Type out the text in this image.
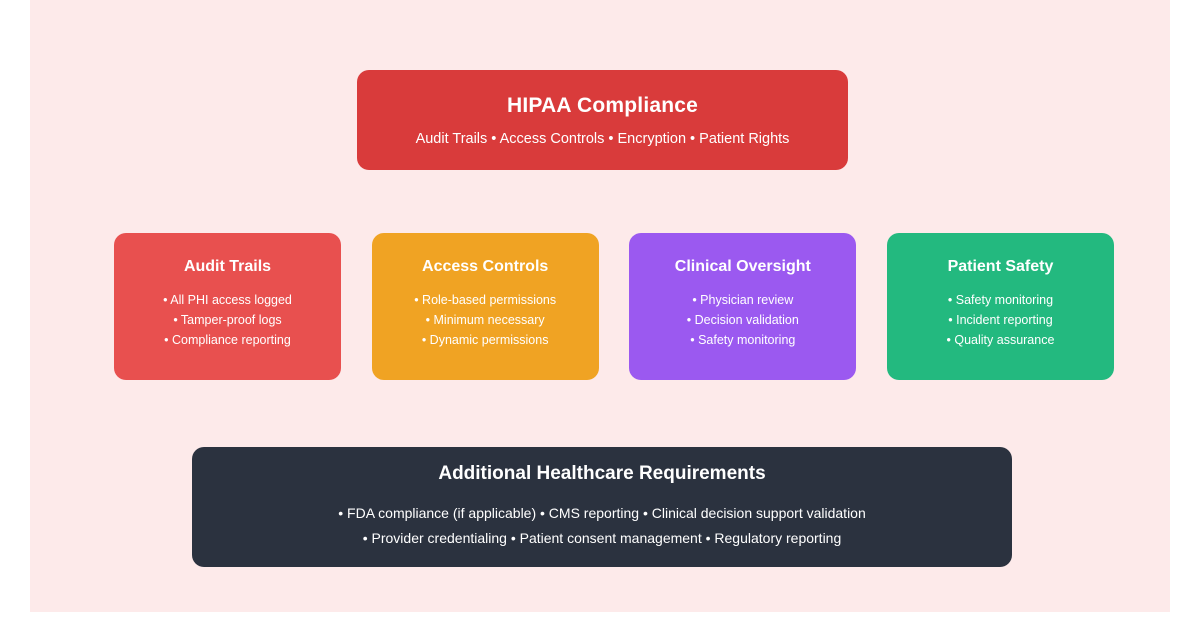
HIPAA Compliance
Audit Trails • Access Controls • Encryption • Patient Rights
Audit Trails
• All PHI access logged
• Tamper-proof logs
• Compliance reporting
Access Controls
• Role-based permissions
• Minimum necessary
• Dynamic permissions
Clinical Oversight
• Physician review
• Decision validation
• Safety monitoring
Patient Safety
• Safety monitoring
• Incident reporting
• Quality assurance
Additional Healthcare Requirements
• FDA compliance (if applicable) • CMS reporting • Clinical decision support validation
• Provider credentialing • Patient consent management • Regulatory reporting
